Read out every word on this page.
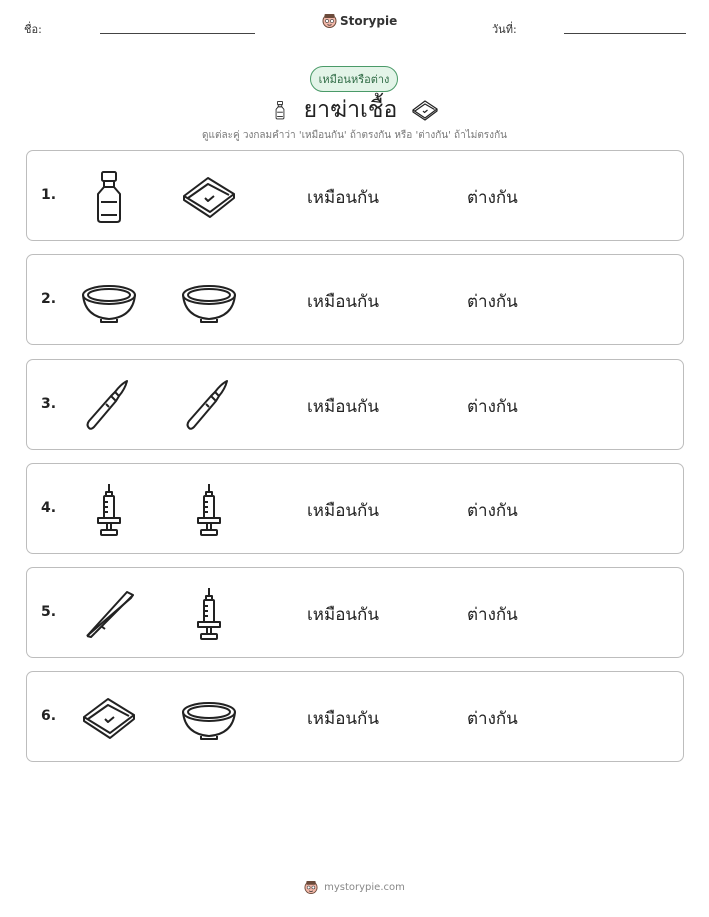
ชื่อ:
Storypie
วันที่:
เหมือนหรือต่าง
ยาฆ่าเชื้อ
ดูแต่ละคู่ วงกลมคำว่า 'เหมือนกัน' ถ้าตรงกัน หรือ 'ต่างกัน' ถ้าไม่ตรงกัน
1.	เหมือนกัน	ต่างกัน
2.	เหมือนกัน	ต่างกัน
3.	เหมือนกัน	ต่างกัน
4.	เหมือนกัน	ต่างกัน
5.	เหมือนกัน	ต่างกัน
6.	เหมือนกัน	ต่างกัน
mystorypie.com
